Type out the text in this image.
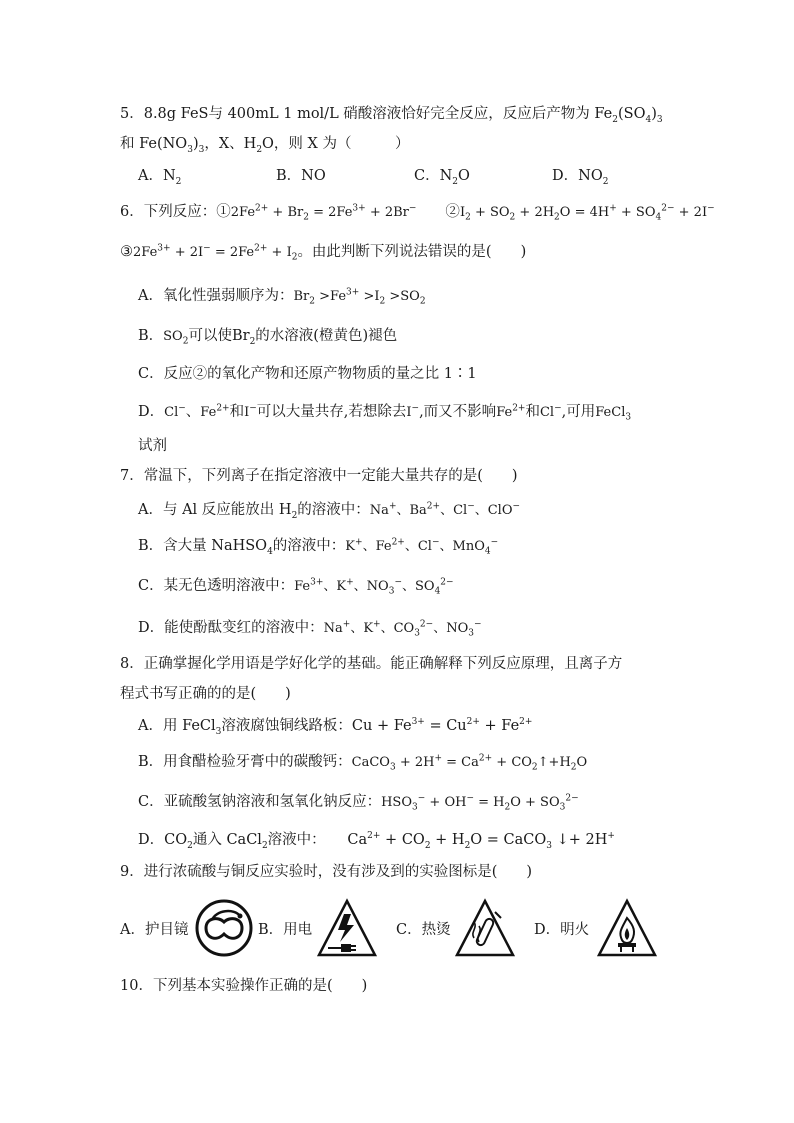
5．8.8g FeS与 400mL 1 mol/L 硝酸溶液恰好完全反应，反应后产物为 $Fe_2(SO_4)_3$
和 $Fe(NO_3)_3$，X、$H_2O$，则 X 为（　　　）
A．$N_2$	B．NO	C．$N_2O$	D．$NO_2$
6．下列反应：$①2Fe^{2+} + Br_2 = 2Fe^{3+} + 2Br^-$　　$②I_2 + SO_2 + 2H_2O = 4H^+ + SO_4^{2-} + 2I^-$
$③2Fe^{3+} + 2I^- = 2Fe^{2+} + I_2$。由此判断下列说法错误的是(　　)
A．氧化性强弱顺序为：$Br_2 >Fe^{3+} >I_2 >SO_2$
B．$SO_2$可以使$Br_2$的水溶液(橙黄色)褪色
C．反应②的氧化产物和还原产物物质的量之比 1∶1
D．Cl−、$Fe^{2+}$和I−可以大量共存,若想除去I−,而又不影响$Fe^{2+}$和Cl−,可用FeCl$_3$
试剂
7．常温下，下列离子在指定溶液中一定能大量共存的是(　　)
A．与 Al 反应能放出 $H_2$的溶液中：Na+、$Ba^{2+}$、Cl−、ClO−
B．含大量 NaHSO$_4$的溶液中：K+、$Fe^{2+}$、Cl−、MnO$_4$−
C．某无色透明溶液中：$Fe^{3+}$、K+、$NO_3^-$、$SO_4^{2-}$
D．能使酚酞变红的溶液中：Na+、K+、$CO_3^{2-}$、$NO_3^-$
8．正确掌握化学用语是学好化学的基础。能正确解释下列反应原理，且离子方
程式书写正确的的是(　　)
A．用 FeCl$_3$溶液腐蚀铜线路板：$Cu + Fe^{3+} = Cu^{2+} + Fe^{2+}$
B．用食醋检验牙膏中的碳酸钙：CaCO$_3$ + $2H^+ = Ca^{2+}$ + $CO_2↑+H_2O$
C．亚硫酸氢钠溶液和氢氧化钠反应：$HSO_3^- + OH^- = H_2O + SO_3^{2-}$
D．$CO_2$通入 CaCl$_2$溶液中：　　 $Ca^{2+} + CO_2 + H_2O$ = CaCO$_3$ ↓+ 2H+
9．进行浓硫酸与铜反应实验时，没有涉及到的实验图标是(　　)
A．护目镜	B．用电	C．热烫	D．明火
10．下列基本实验操作正确的是(　　)
